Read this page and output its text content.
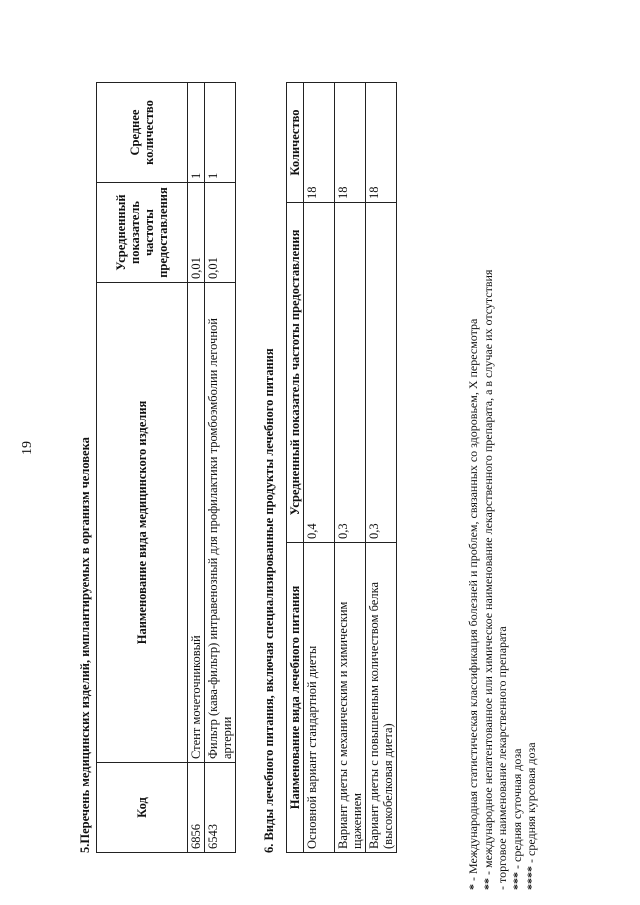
19	5.Перечень медицинских изделий, имплантируемых в организм человека	Код	Наименование вида медицинского изделия	Усредненный показатель частоты предоставления	Среднее количество
6856	Стент мочеточниковый	0,01	1
6543	Фильтр (кава-фильтр) интравенозный для профилактики тромбоэмболии легочной артерии	0,01	1
6. Виды лечебного питания, включая специализированные продукты лечебного питания Наименование вида лечебного питания	Усредненный показатель частоты предоставления	Количество
Основной вариант стандартной диеты	0,4	18
Вариант диеты с механическим и химическим щажением	0,3	18
Вариант диеты с повышенным количеством белка (высокобелковая диета)	0,3	18
* - Международная статистическая классификация болезней и проблем, связанных со здоровьем, X пересмотра ** - международное непатентованное или химическое наименование лекарственного препарата, а в случае их отсутствия - торговое наименование лекарственного препарата *** - средняя суточная доза
**** - средняя курсовая доза
